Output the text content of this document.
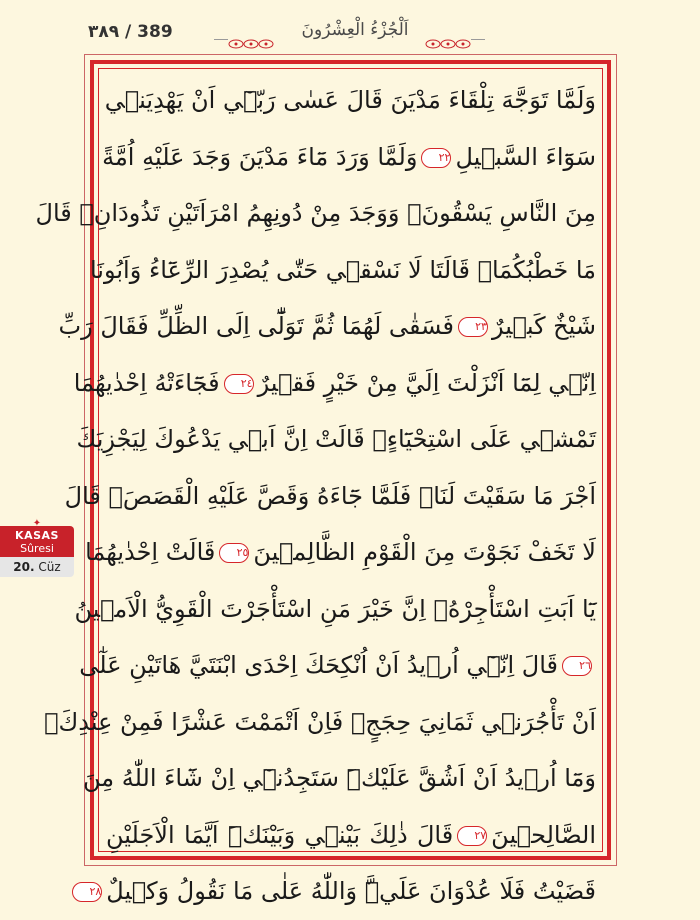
٣٨٩ / 389	اَلْجُزْءُ الْعِشْرُونَ
وَلَمَّا تَوَجَّهَ تِلْقَاءَ مَدْيَنَ قَالَ عَسٰى رَبّ۪ٓي اَنْ يَهْدِيَن۪ي
سَوَٓاءَ السَّب۪يلِ٢٢وَلَمَّا وَرَدَ مَٓاءَ مَدْيَنَ وَجَدَ عَلَيْهِ اُمَّةً
مِنَ النَّاسِ يَسْقُونَۘ وَوَجَدَ مِنْ دُونِهِمُ امْرَاَتَيْنِ تَذُودَانِۚ قَالَ
مَا خَطْبُكُمَاۜ قَالَتَا لَا نَسْق۪ي حَتّٰى يُصْدِرَ الرِّعَٓاءُ وَاَبُونَا
شَيْخٌ كَب۪يرٌ٢٣فَسَقٰى لَهُمَا ثُمَّ تَوَلّٰٓى اِلَى الظِّلِّ فَقَالَ رَبِّ
اِنّ۪ي لِمَٓا اَنْزَلْتَ اِلَيَّ مِنْ خَيْرٍ فَق۪يرٌ٢٤فَجَٓاءَتْهُ اِحْدٰيهُمَا
تَمْش۪ي عَلَى اسْتِحْيَٓاءٍۘ قَالَتْ اِنَّ اَب۪ي يَدْعُوكَ لِيَجْزِيَكَ
اَجْرَ مَا سَقَيْتَ لَنَاۜ فَلَمَّا جَٓاءَهُ وَقَصَّ عَلَيْهِ الْقَصَصَۙ قَالَ
لَا تَخَفْ نَجَوْتَ مِنَ الْقَوْمِ الظَّالِم۪ينَ٢٥قَالَتْ اِحْدٰيهُمَا
يَٓا اَبَتِ اسْتَأْجِرْهُۘ اِنَّ خَيْرَ مَنِ اسْتَأْجَرْتَ الْقَوِيُّ الْاَم۪ينُ
٢٦قَالَ اِنّ۪ٓي اُر۪يدُ اَنْ اُنْكِحَكَ اِحْدَى ابْنَتَيَّ هَاتَيْنِ عَلٰٓى
اَنْ تَأْجُرَن۪ي ثَمَانِيَ حِجَجٍۚ فَاِنْ اَتْمَمْتَ عَشْرًا فَمِنْ عِنْدِكَۚ
وَمَٓا اُر۪يدُ اَنْ اَشُقَّ عَلَيْكَۜ سَتَجِدُن۪ٓي اِنْ شَٓاءَ اللّٰهُ مِنَ
الصَّالِح۪ينَ٢٧قَالَ ذٰلِكَ بَيْن۪ي وَبَيْنَكَۜ اَيَّمَا الْاَجَلَيْنِ
قَضَيْتُ فَلَا عُدْوَانَ عَلَيَّۜ وَاللّٰهُ عَلٰى مَا نَقُولُ وَك۪يلٌ٢٨
✦
KASAS
Sûresi
20. Cüz
